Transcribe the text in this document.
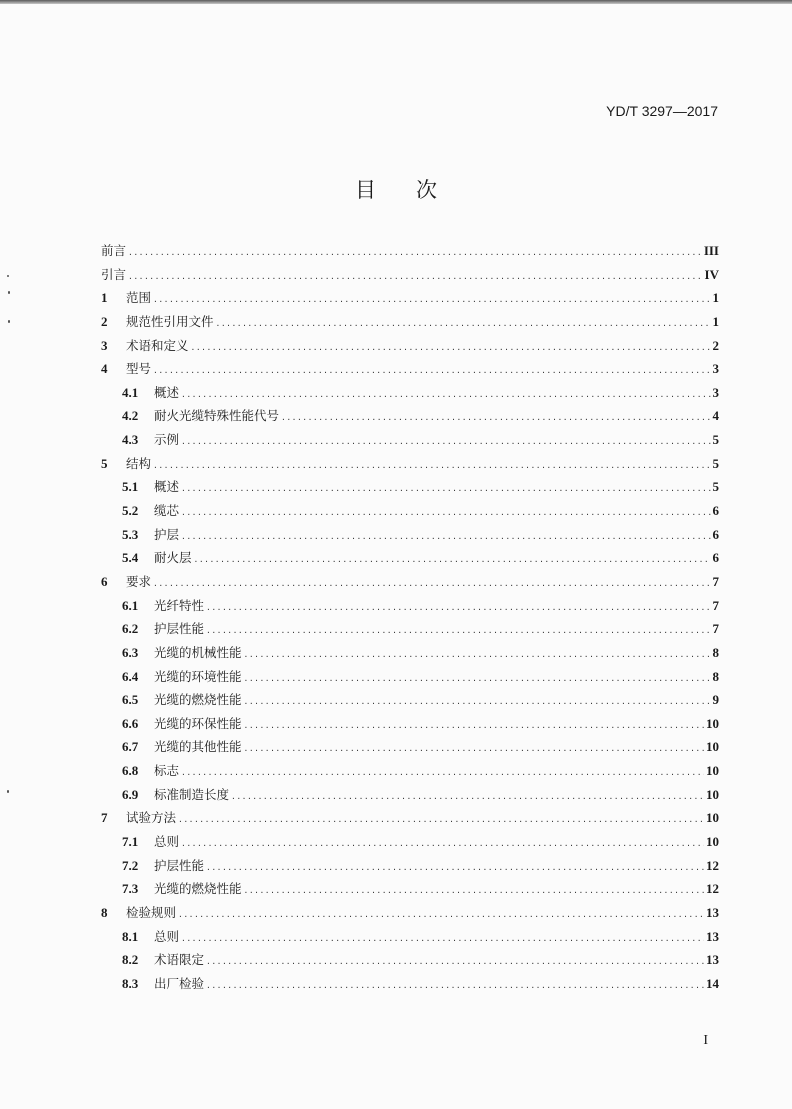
YD/T 3297—2017
目 次
前言 .....	III
引言 .....	IV
1	范围 .....	1
2	规范性引用文件 .....	1
3	术语和定义 .....	2
4	型号 .....	3
4.1	概述 .....	3
4.2	耐火光缆特殊性能代号 .....	4
4.3	示例 .....	5
5	结构 .....	5
5.1	概述 .....	5
5.2	缆芯 .....	6
5.3	护层 .....	6
5.4	耐火层 .....	6
6	要求 .....	7
6.1	光纤特性 .....	7
6.2	护层性能 .....	7
6.3	光缆的机械性能 .....	8
6.4	光缆的环境性能 .....	8
6.5	光缆的燃烧性能 .....	9
6.6	光缆的环保性能 .....	10
6.7	光缆的其他性能 .....	10
6.8	标志 .....	10
6.9	标准制造长度 .....	10
7	试验方法 .....	10
7.1	总则 .....	10
7.2	护层性能 .....	12
7.3	光缆的燃烧性能 .....	12
8	检验规则 .....	13
8.1	总则 .....	13
8.2	术语限定 .....	13
8.3	出厂检验 .....	14
I
